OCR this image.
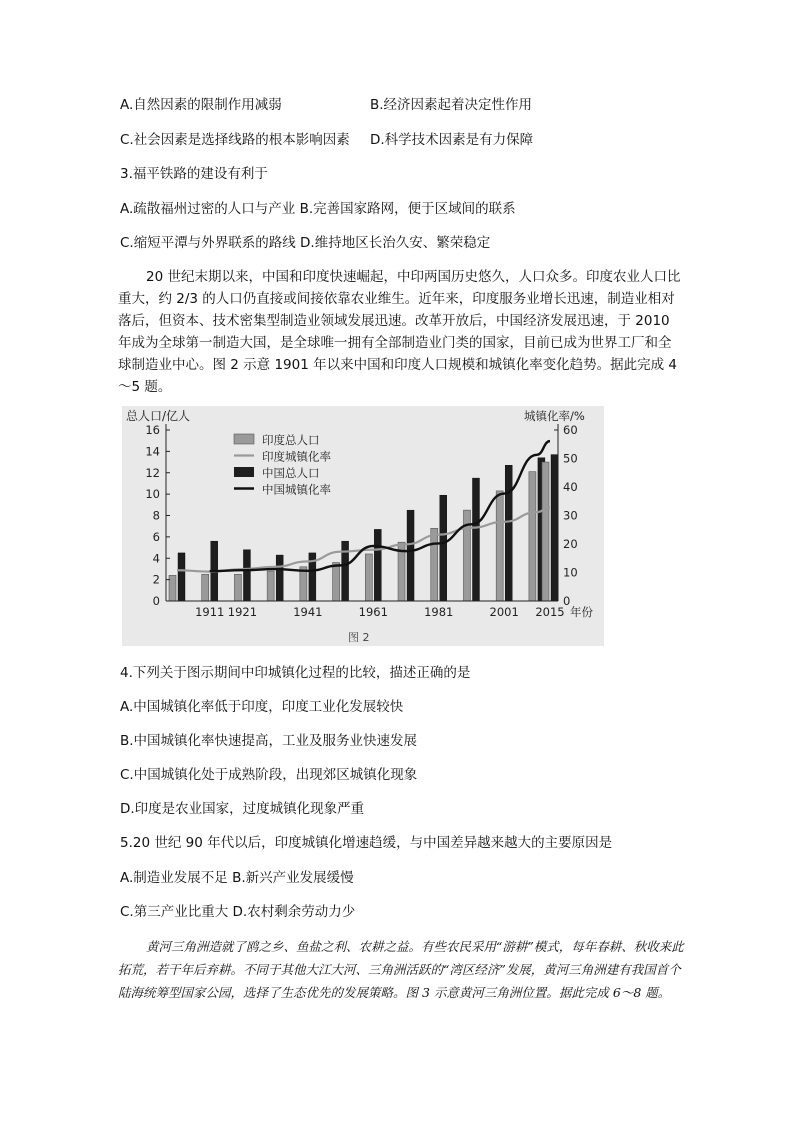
A.自然因素的限制作用减弱	B.经济因素起着决定性作用
C.社会因素是选择线路的根本影响因素 D.科学技术因素是有力保障
3.福平铁路的建设有利于
A.疏散福州过密的人口与产业 B.完善国家路网，便于区域间的联系
C.缩短平潭与外界联系的路线 D.维持地区长治久安、繁荣稳定
20 世纪末期以来，中国和印度快速崛起，中印两国历史悠久，人口众多。印度农业人口比重大，约 2/3 的人口仍直接或间接依靠农业维生。近年来，印度服务业增长迅速，制造业相对落后，但资本、技术密集型制造业领域发展迅速。改革开放后，中国经济发展迅速，于 2010 年成为全球第一制造大国，是全球唯一拥有全部制造业门类的国家，目前已成为世界工厂和全球制造业中心。图 2 示意 1901 年以来中国和印度人口规模和城镇化率变化趋势。据此完成 4～5 题。
0
2
4
6
8
10
12
14
16
0
10
20
30
40
50
60
1911 1921	1941	1961	1981	2001 2015
印度总人口
印度城镇化率
中国总人口
中国城镇化率
总人口/亿人	城镇化率/%
年份
图 2
4.下列关于图示期间中印城镇化过程的比较，描述正确的是
A.中国城镇化率低于印度，印度工业化发展较快
B.中国城镇化率快速提高，工业及服务业快速发展
C.中国城镇化处于成熟阶段，出现郊区城镇化现象
D.印度是农业国家，过度城镇化现象严重
5.20 世纪 90 年代以后，印度城镇化增速趋缓，与中国差异越来越大的主要原因是
A.制造业发展不足 B.新兴产业发展缓慢
C.第三产业比重大 D.农村剩余劳动力少
黄河三角洲造就了鸥之乡、鱼盐之利、农耕之益。有些农民采用“游耕”模式，每年春耕、秋收来此拓荒，若干年后弃耕。不同于其他大江大河、三角洲活跃的“湾区经济”发展，黄河三角洲建有我国首个陆海统筹型国家公园，选择了生态优先的发展策略。图 3 示意黄河三角洲位置。据此完成 6～8 题。
